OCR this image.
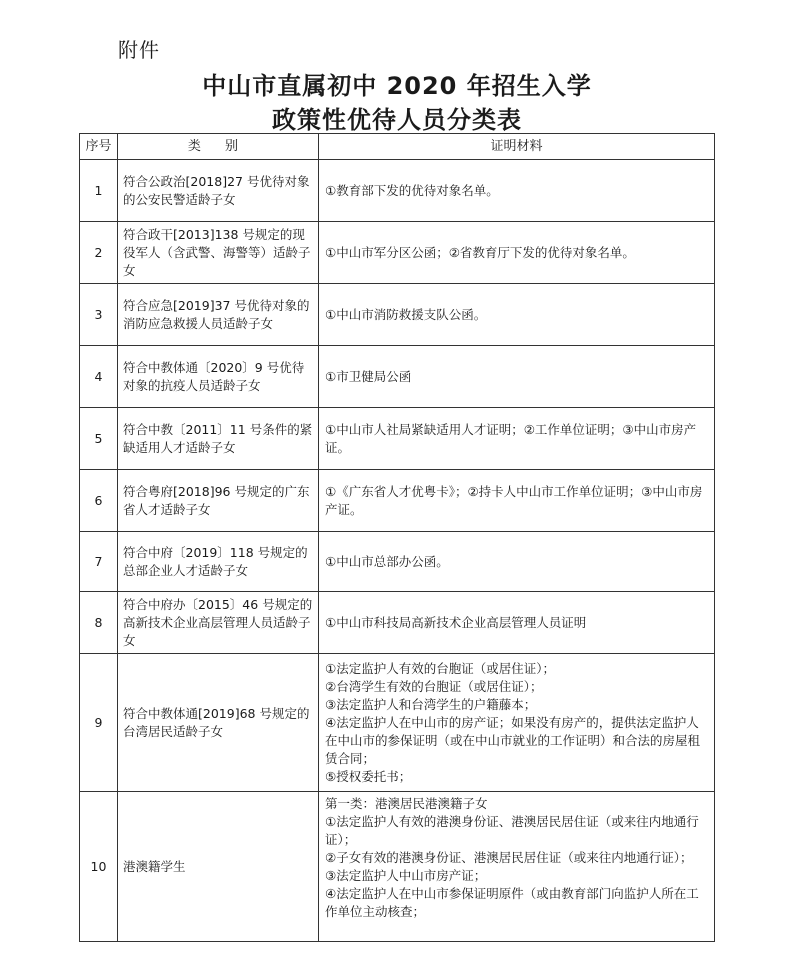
附件
中山市直属初中 2020 年招生入学
政策性优待人员分类表
序号	类 别	证明材料
1	符合公政治[2018]27 号优待对象的公安民警适龄子女	①教育部下发的优待对象名单。

2	符合政干[2013]138 号规定的现役军人（含武警、海警等）适龄子女	①中山市军分区公函；②省教育厅下发的优待对象名单。

3	符合应急[2019]37 号优待对象的消防应急救援人员适龄子女	①中山市消防救援支队公函。

4	符合中教体通〔2020〕9 号优待对象的抗疫人员适龄子女	①市卫健局公函

5	符合中教〔2011〕11 号条件的紧缺适用人才适龄子女	①中山市人社局紧缺适用人才证明；②工作单位证明；③中山市房产证。

6	符合粤府[2018]96 号规定的广东省人才适龄子女	①《广东省人才优粤卡》；②持卡人中山市工作单位证明；③中山市房产证。

7	符合中府〔2019〕118 号规定的总部企业人才适龄子女	①中山市总部办公函。

8	符合中府办〔2015〕46 号规定的高新技术企业高层管理人员适龄子女	①中山市科技局高新技术企业高层管理人员证明

9	符合中教体通[2019]68 号规定的台湾居民适龄子女	①法定监护人有效的台胞证（或居住证）；
②台湾学生有效的台胞证（或居住证）；
③法定监护人和台湾学生的户籍藤本；
④法定监护人在中山市的房产证；如果没有房产的，提供法定监护人在中山市的参保证明（或在中山市就业的工作证明）和合法的房屋租赁合同；
⑤授权委托书；

10	港澳籍学生	第一类：港澳居民港澳籍子女
①法定监护人有效的港澳身份证、港澳居民居住证（或来往内地通行证）；
②子女有效的港澳身份证、港澳居民居住证（或来往内地通行证）；
③法定监护人中山市房产证；
④法定监护人在中山市参保证明原件（或由教育部门向监护人所在工作单位主动核查；
